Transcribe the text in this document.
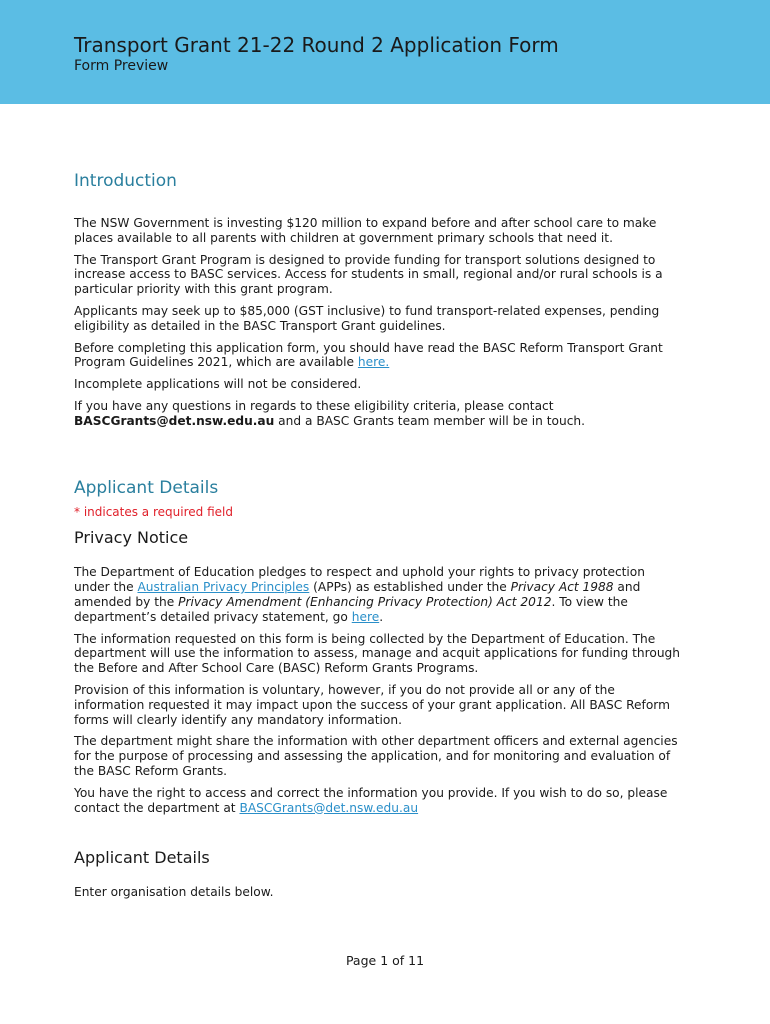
Transport Grant 21-22 Round 2 Application Form
Form Preview
Introduction

The NSW Government is investing $120 million to expand before and after school care to make places available to all parents with children at government primary schools that need it.

The Transport Grant Program is designed to provide funding for transport solutions designed to increase access to BASC services. Access for students in small, regional and/or rural schools is a particular priority with this grant program.

Applicants may seek up to $85,000 (GST inclusive) to fund transport-related expenses, pending eligibility as detailed in the BASC Transport Grant guidelines.

Before completing this application form, you should have read the BASC Reform Transport Grant Program Guidelines 2021, which are available here.

Incomplete applications will not be considered.

If you have any questions in regards to these eligibility criteria, please contact BASCGrants@det.nsw.edu.au and a BASC Grants team member will be in touch.

Applicant Details

* indicates a required field

Privacy Notice

The Department of Education pledges to respect and uphold your rights to privacy protection under the Australian Privacy Principles (APPs) as established under the Privacy Act 1988 and amended by the Privacy Amendment (Enhancing Privacy Protection) Act 2012. To view the department’s detailed privacy statement, go here.

The information requested on this form is being collected by the Department of Education. The department will use the information to assess, manage and acquit applications for funding through the Before and After School Care (BASC) Reform Grants Programs.

Provision of this information is voluntary, however, if you do not provide all or any of the information requested it may impact upon the success of your grant application. All BASC Reform forms will clearly identify any mandatory information.

The department might share the information with other department officers and external agencies for the purpose of processing and assessing the application, and for monitoring and evaluation of the BASC Reform Grants.

You have the right to access and correct the information you provide. If you wish to do so, please contact the department at BASCGrants@det.nsw.edu.au

Applicant Details

Enter organisation details below.

Page 1 of 11
